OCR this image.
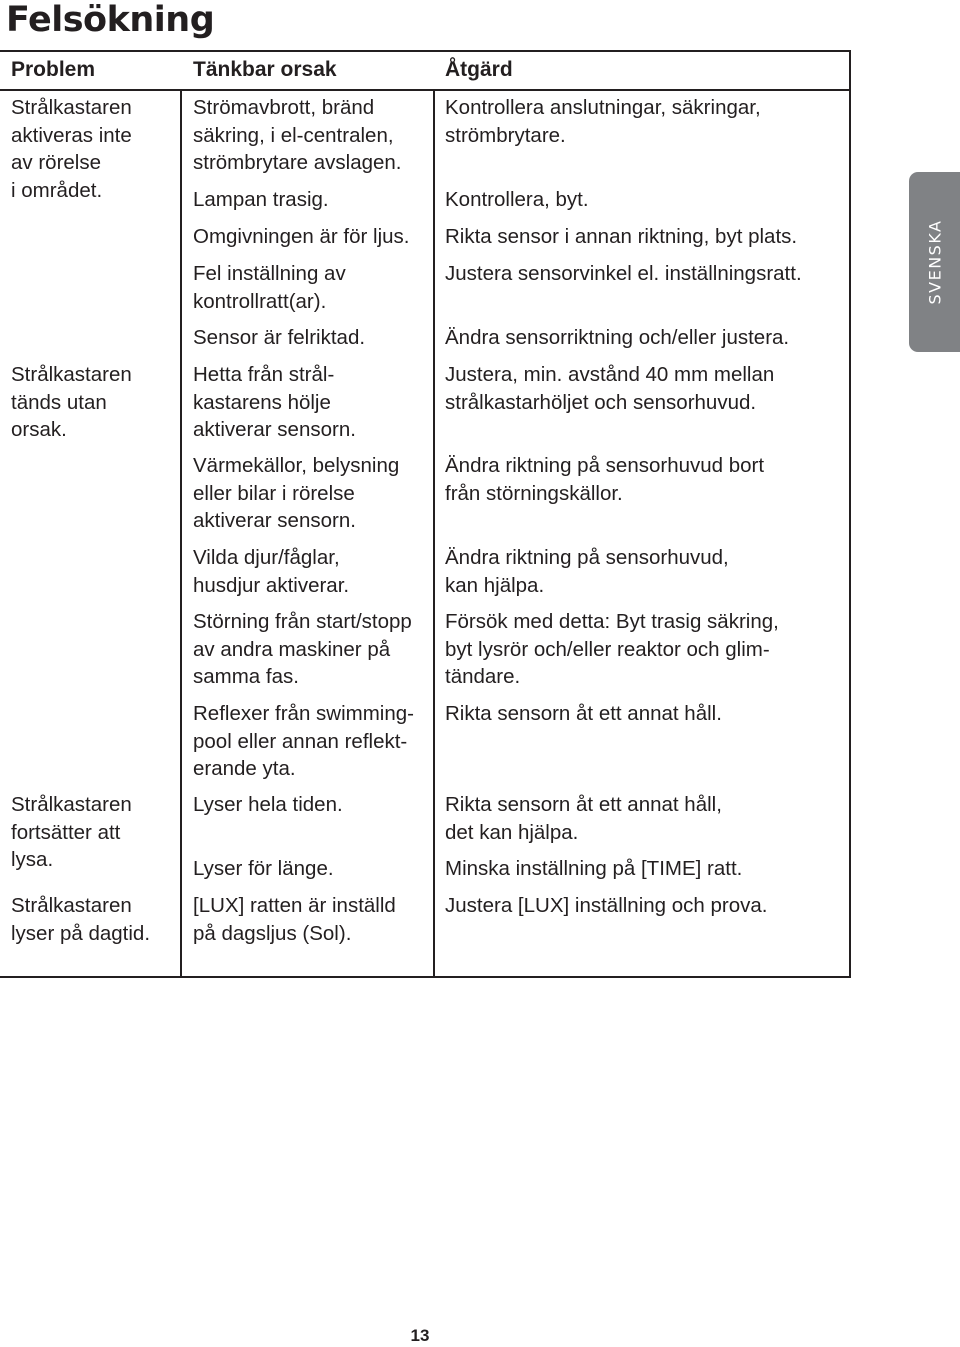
Felsökning

Problem	Tänkbar orsak	Åtgärd

Strålkastaren
aktiveras inte
av rörelse
i området.

Strålkastaren
tänds utan
orsak.

Strålkastaren
fortsätter att
lysa.

Strålkastaren
lyser på dagtid.

Strömavbrott, bränd
säkring, i el-centralen,
strömbrytare avslagen.

Lampan trasig.

Omgivningen är för ljus.

Fel inställning av
kontrollratt(ar).

Sensor är felriktad.

Hetta från strål-
kastarens hölje
aktiverar sensorn.

Värmekällor, belysning
eller bilar i rörelse
aktiverar sensorn.

Vilda djur/fåglar,
husdjur aktiverar.

Störning från start/stopp
av andra maskiner på
samma fas.

Reflexer från swimming-
pool eller annan reflekt-
erande yta.

Lyser hela tiden.

Lyser för länge.

[LUX] ratten är inställd
på dagsljus (Sol).

Kontrollera anslutningar, säkringar,
strömbrytare.

Kontrollera, byt.

Rikta sensor i annan riktning, byt plats.

Justera sensorvinkel el. inställningsratt.

Ändra sensorriktning och/eller justera.

Justera, min. avstånd 40 mm mellan
strålkastarhöljet och sensorhuvud.

Ändra riktning på sensorhuvud bort
från störningskällor.

Ändra riktning på sensorhuvud,
kan hjälpa.

Försök med detta: Byt trasig säkring,
byt lysrör och/eller reaktor och glim-
tändare.

Rikta sensorn åt ett annat håll.

Rikta sensorn åt ett annat håll,
det kan hjälpa.

Minska inställning på [TIME] ratt.

Justera [LUX] inställning och prova.

SVENSKA
13
